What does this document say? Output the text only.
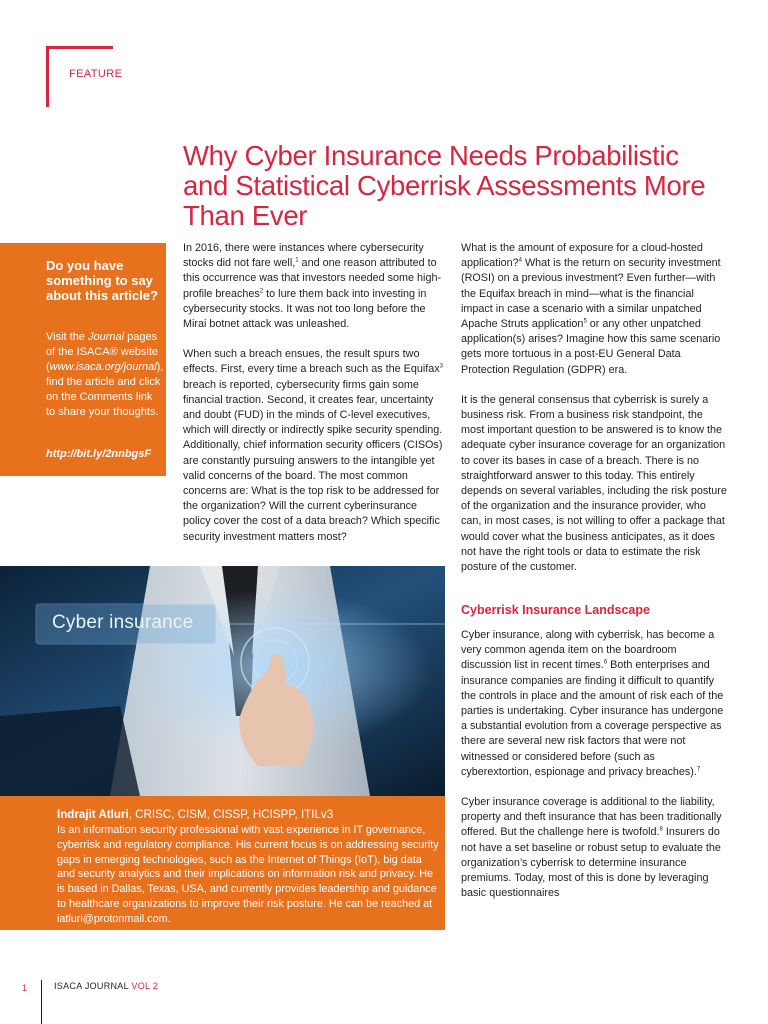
FEATURE
Why Cyber Insurance Needs Probabilistic and Statistical Cyberrisk Assessments More Than Ever
Do you have something to say about this article?
Visit the Journal pages of the ISACA® website (www.isaca.org/journal), find the article and click on the Comments link to share your thoughts.
http://bit.ly/2nnbgsF

In 2016, there were instances where cybersecurity stocks did not fare well,$^1$ and one reason attributed to this occurrence was that investors needed some high-profile breaches$^2$ to lure them back into investing in cybersecurity stocks. It was not too long before the Mirai botnet attack was unleashed.

When such a breach ensues, the result spurs two effects. First, every time a breach such as the Equifax$^3$ breach is reported, cybersecurity firms gain some financial traction. Second, it creates fear, uncertainty and doubt (FUD) in the minds of C-level executives, which will directly or indirectly spike security spending. Additionally, chief information security officers (CISOs) are constantly pursuing answers to the intangible yet valid concerns of the board. The most common concerns are: What is the top risk to be addressed for the organization? Will the current cyberinsurance policy cover the cost of a data breach? Which specific security investment matters most?

What is the amount of exposure for a cloud-hosted application?$^4$ What is the return on security investment (ROSI) on a previous investment? Even further—with the Equifax breach in mind—what is the financial impact in case a scenario with a similar unpatched Apache Struts application$^5$ or any other unpatched application(s) arises? Imagine how this same scenario gets more tortuous in a post-EU General Data Protection Regulation (GDPR) era.

It is the general consensus that cyberrisk is surely a business risk. From a business risk standpoint, the most important question to be answered is to know the adequate cyber insurance coverage for an organization to cover its bases in case of a breach. There is no straightforward answer to this today. This entirely depends on several variables, including the risk posture of the organization and the insurance provider, who can, in most cases, is not willing to offer a package that would cover what the business anticipates, as it does not have the right tools or data to estimate the risk posture of the customer.

Cyberrisk Insurance Landscape

Cyber insurance, along with cyberrisk, has become a very common agenda item on the boardroom discussion list in recent times.$^6$ Both enterprises and insurance companies are finding it difficult to quantify the controls in place and the amount of risk each of the parties is undertaking. Cyber insurance has undergone a substantial evolution from a coverage perspective as there are several new risk factors that were not witnessed or considered before (such as cyberextortion, espionage and privacy breaches).$^7$

Cyber insurance coverage is additional to the liability, property and theft insurance that has been traditionally offered. But the challenge here is twofold.$^8$ Insurers do not have a set baseline or robust setup to evaluate the organization’s cyberrisk to determine insurance premiums. Today, most of this is done by leveraging basic questionnaires

Cyber insurance
Indrajit Atluri, CRISC, CISM, CISSP, HCISPP, ITILv3
Is an information security professional with vast experience in IT governance, cyberrisk and regulatory compliance. His current focus is on addressing security gaps in emerging technologies, such as the Internet of Things (IoT), big data and security analytics and their implications on information risk and privacy. He is based in Dallas, Texas, USA, and currently provides leadership and guidance to healthcare organizations to improve their risk posture. He can be reached at iatluri@protonmail.com.
1	ISACA JOURNAL VOL 2
